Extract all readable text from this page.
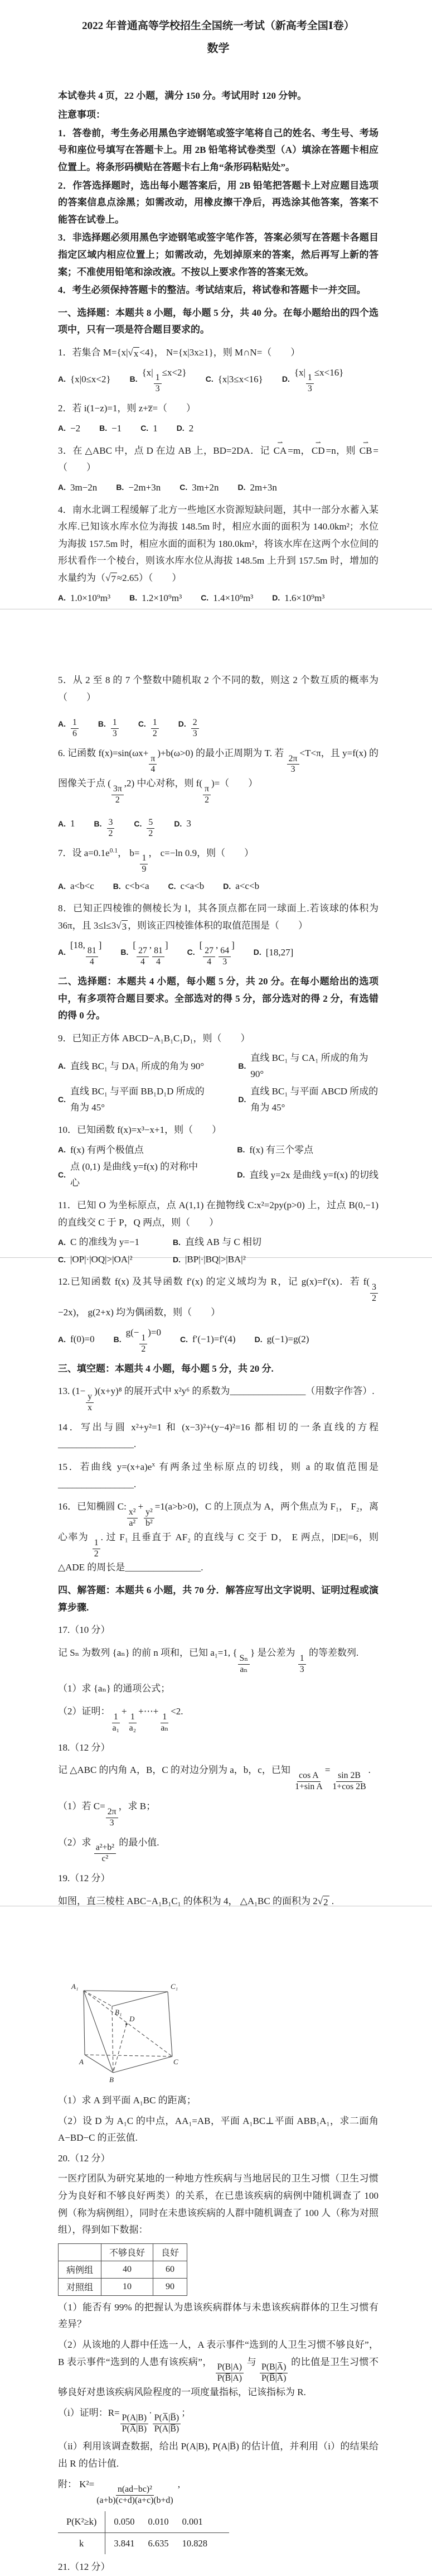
2022 年普通高等学校招生全国统一考试（新高考全国Ⅰ卷）
数学
本试卷共 4 页，22 小题，满分 150 分。考试用时 120 分钟。
注意事项：
1．答卷前，考生务必用黑色字迹钢笔或签字笔将自己的姓名、考生号、考场号和座位号填写在答题卡上。用 2B 铅笔将试卷类型（A）填涂在答题卡相应位置上。将条形码横贴在答题卡右上角“条形码粘贴处”。
2．作答选择题时，选出每小题答案后，用 2B 铅笔把答题卡上对应题目选项的答案信息点涂黑；如需改动，用橡皮擦干净后，再选涂其他答案，答案不能答在试卷上。
3．非选择题必须用黑色字迹钢笔或签字笔作答，答案必须写在答题卡各题目指定区域内相应位置上；如需改动，先划掉原来的答案，然后再写上新的答案；不准使用铅笔和涂改液。不按以上要求作答的答案无效。
4．考生必须保持答题卡的整洁。考试结束后，将试卷和答题卡一并交回。
一、选择题：本题共 8 小题，每小题 5 分，共 40 分。在每小题给出的四个选项中，只有一项是符合题目要求的。
1．若集合 M={x| √ x <4}， N={x|3x≥1}，则 M∩N=（　　）
A. {x|0≤x<2} B.
{x|
$\frac{1}{3}$
≤x<2}
C. {x|3≤x<16} D.
{x|
$\frac{1}{3}$
≤x<16}
2．若 i(1−z)=1，则 z+z̅=（　　）
A. −2 B. −1 C. 1 D. 2
3．在 △ABC 中，点 D 在边 AB 上，BD=2DA．记 CA ⇀ =m， CD ⇀ =n，则 CB ⇀ =（　　）
A. 3m−2n B. −2m+3n C. 3m+2n D. 2m+3n
4．南水北调工程缓解了北方一些地区水资源短缺问题，其中一部分水蓄入某水库.已知该水库水位为海拔 148.5m 时，相应水面的面积为 140.0km²；水位为海拔 157.5m 时，相应水面的面积为 180.0km²，将该水库在这两个水位间的形状看作一个棱台，则该水库水位从海拔 148.5m 上升到 157.5m 时，增加的水量约为（ √ 7 ≈2.65）（　　）
A. 1.0×10⁹m³ B. 1.2×10⁹m³ C. 1.4×10⁹m³ D. 1.6×10⁹m³
5．从 2 至 8 的 7 个整数中随机取 2 个不同的数，则这 2 个数互质的概率为（　　）
A. $\frac{1}{6}$	B. $\frac{1}{3}$	C. $\frac{1}{2}$	D. $\frac{2}{3}$
6. 记函数 f(x)=sin(ωx+
$\frac{\pi}{4}$
)+b(ω>0) 的最小正周期为 T. 若
$\frac{2\pi}{3}$
<T<π，且 y=f(x) 的图像关于点 (
$\frac{3\pi}{2}$
,2) 中心对称，则 f(
$\frac{\pi}{2}$
)=（　　）
A. 1 B. $\frac{3}{2}$	C. $\frac{5}{2}$	D. 3
7．设 $a=0.1e^{0.1}$， b=
$\frac{1}{9}$
， c=−ln 0.9，则（　　）
A. a<b<c B. c<b<a C. c<a<b D. a<c<b
8．已知正四棱锥的侧棱长为 l，其各顶点都在同一球面上.若该球的体积为 36π，且 3≤l≤3 √ 3 ，则该正四棱锥体积的取值范围是（　　）
A.
[18,
$\frac{81}{4}$
]
B.
[
$\frac{27}{4}$
,
$\frac{81}{4}$
]
C.
[
$\frac{27}{4}$
,
$\frac{64}{3}$
]
D. [18,27]
二、选择题：本题共 4 小题，每小题 5 分，共 20 分。在每小题给出的选项中，有多项符合题目要求。全部选对的得 5 分，部分选对的得 2 分，有选错的得 0 分。
9．已知正方体 ABCD−A₁B₁C₁D₁，则（　　）
A. 直线 BC₁ 与 DA₁ 所成的角为 90°	B.
直线 BC₁ 与 CA₁ 所成的角为 90°
C.
直线 BC₁ 与平面 BB₁D₁D 所成的角为 45°
D.
直线 BC₁ 与平面 ABCD 所成的角为 45°
10．已知函数 f(x)=x³−x+1，则（　　）
A. f(x) 有两个极值点	B. f(x) 有三个零点
C.
点 (0,1) 是曲线 y=f(x) 的对称中心
D. 直线 y=2x 是曲线 y=f(x) 的切线
11．已知 O 为坐标原点，点 A(1,1) 在抛物线 C:x²=2py(p>0) 上，过点 B(0,−1) 的直线交 C 于 P，Q 两点，则（　　）
A. C 的准线为 y=−1	B. 直线 AB 与 C 相切
C. |OP|·|OQ|>|OA|²	D. |BP|·|BQ|>|BA|²
12.已知函数 f(x) 及其导函数 f′(x) 的定义域均为 R，记 g(x)=f′(x)．若 f(
$\frac{3}{2}$
−2x)， g(2+x) 均为偶函数，则（　　）
A. f(0)=0 B.
g(−
$\frac{1}{2}$
)=0
C. f′(−1)=f′(4) D. g(−1)=g(2)
三、填空题：本题共 4 小题，每小题 5 分，共 20 分.
13. (1−
$\frac{y}{x}$
)(x+y)⁸ 的展开式中 x²y⁶ 的系数为________________（用数字作答）.
14．写出与圆 x²+y²=1 和 (x−3)²+(y−4)²=16 都相切的一条直线的方程________________.
15．若曲线 $y=(x+a)e^x$ 有两条过坐标原点的切线，则 a 的取值范围是________________.
16．已知椭圆 C:
$\frac{\text{x²}}{\text{a²}}$
+
$\frac{\text{y²}}{\text{b²}}$
=1(a>b>0)，C 的上顶点为 A，两个焦点为 F₁， F₂，离心率为
$\frac{1}{2}$
. 过 F₁ 且垂直于 AF₂ 的直线与 C 交于 D， E 两点，|DE|=6，则 △ADE 的周长是________________.
四、解答题：本题共 6 小题，共 70 分．解答应写出文字说明、证明过程或演算步骤.
17.（10 分）
记 Sₙ 为数列 {aₙ} 的前 n 项和，已知 a₁=1, {
$\frac{\text{Sₙ}}{\text{aₙ}}$
} 是公差为
$\frac{1}{3}$
的等差数列.
（1）求 {aₙ} 的通项公式；
（2）证明：
$\frac{1}{\text{a₁}}$
+
$\frac{1}{\text{a₂}}$
+⋯+
$\frac{1}{\text{aₙ}}$
<2.
18.（12 分）
记 △ABC 的内角 A，B，C 的对边分别为 a，b，c，已知
$\frac{\text{cos A}}{\text{1+sin A}}$
=
$\frac{\sin 2B}{1+\cos 2B}$
.
（1）若 C=
$\frac{2\pi}{3}$
，求 B；
（2）求
$\frac{\text{a²+b²}}{\text{c²}}$
的最小值.
19.（12 分）
如图，直三棱柱 ABC−A₁B₁C₁ 的体积为 4， △A₁BC 的面积为 2 √ 2 .
A₁	C₁
B₁
D
A
B
C
（1）求 A 到平面 A₁BC 的距离；
（2）设 D 为 A₁C 的中点，AA₁=AB，平面 A₁BC⊥平面 ABB₁A₁，求二面角 A−BD−C 的正弦值.
20.（12 分）
一医疗团队为研究某地的一种地方性疾病与当地居民的卫生习惯（卫生习惯分为良好和不够良好两类）的关系，在已患该疾病的病例中随机调查了 100 例（称为病例组），同时在未患该疾病的人群中随机调查了 100 人（称为对照组），得到如下数据：
	不够良好	良好
病例组	40	60
对照组	10	90
（1）能否有 99% 的把握认为患该疾病群体与未患该疾病群体的卫生习惯有差异？
（2）从该地的人群中任选一人，A 表示事件“选到的人卫生习惯不够良好”，B 表示事件“选到的人患有该疾病”，
$\frac{P(B|A)}{P(B̅|A)}$
与
$\frac{P(B|A̅)}{P(B̅|A̅)}$
的比值是卫生习惯不够良好对患该疾病风险程度的一项度量指标，记该指标为 R.
（i）证明：R=
$\frac{P(A|B)}{P(A̅|B)}$
·
$\frac{P(A̅|B̅)}{P(A|B̅)}$
；
（ii）利用该调查数据，给出 P(A|B), P(A|B̅) 的估计值，并利用（i）的结果给出 R 的估计值.
附： K²=
$\frac{\text{n(ad−bc)²}}{(a+b)(c+d)(a+c)(b+d)}$
,
P(K²≥k)	0.050 0.010 0.001
k	3.841 6.635 10.828
21.（12 分）
